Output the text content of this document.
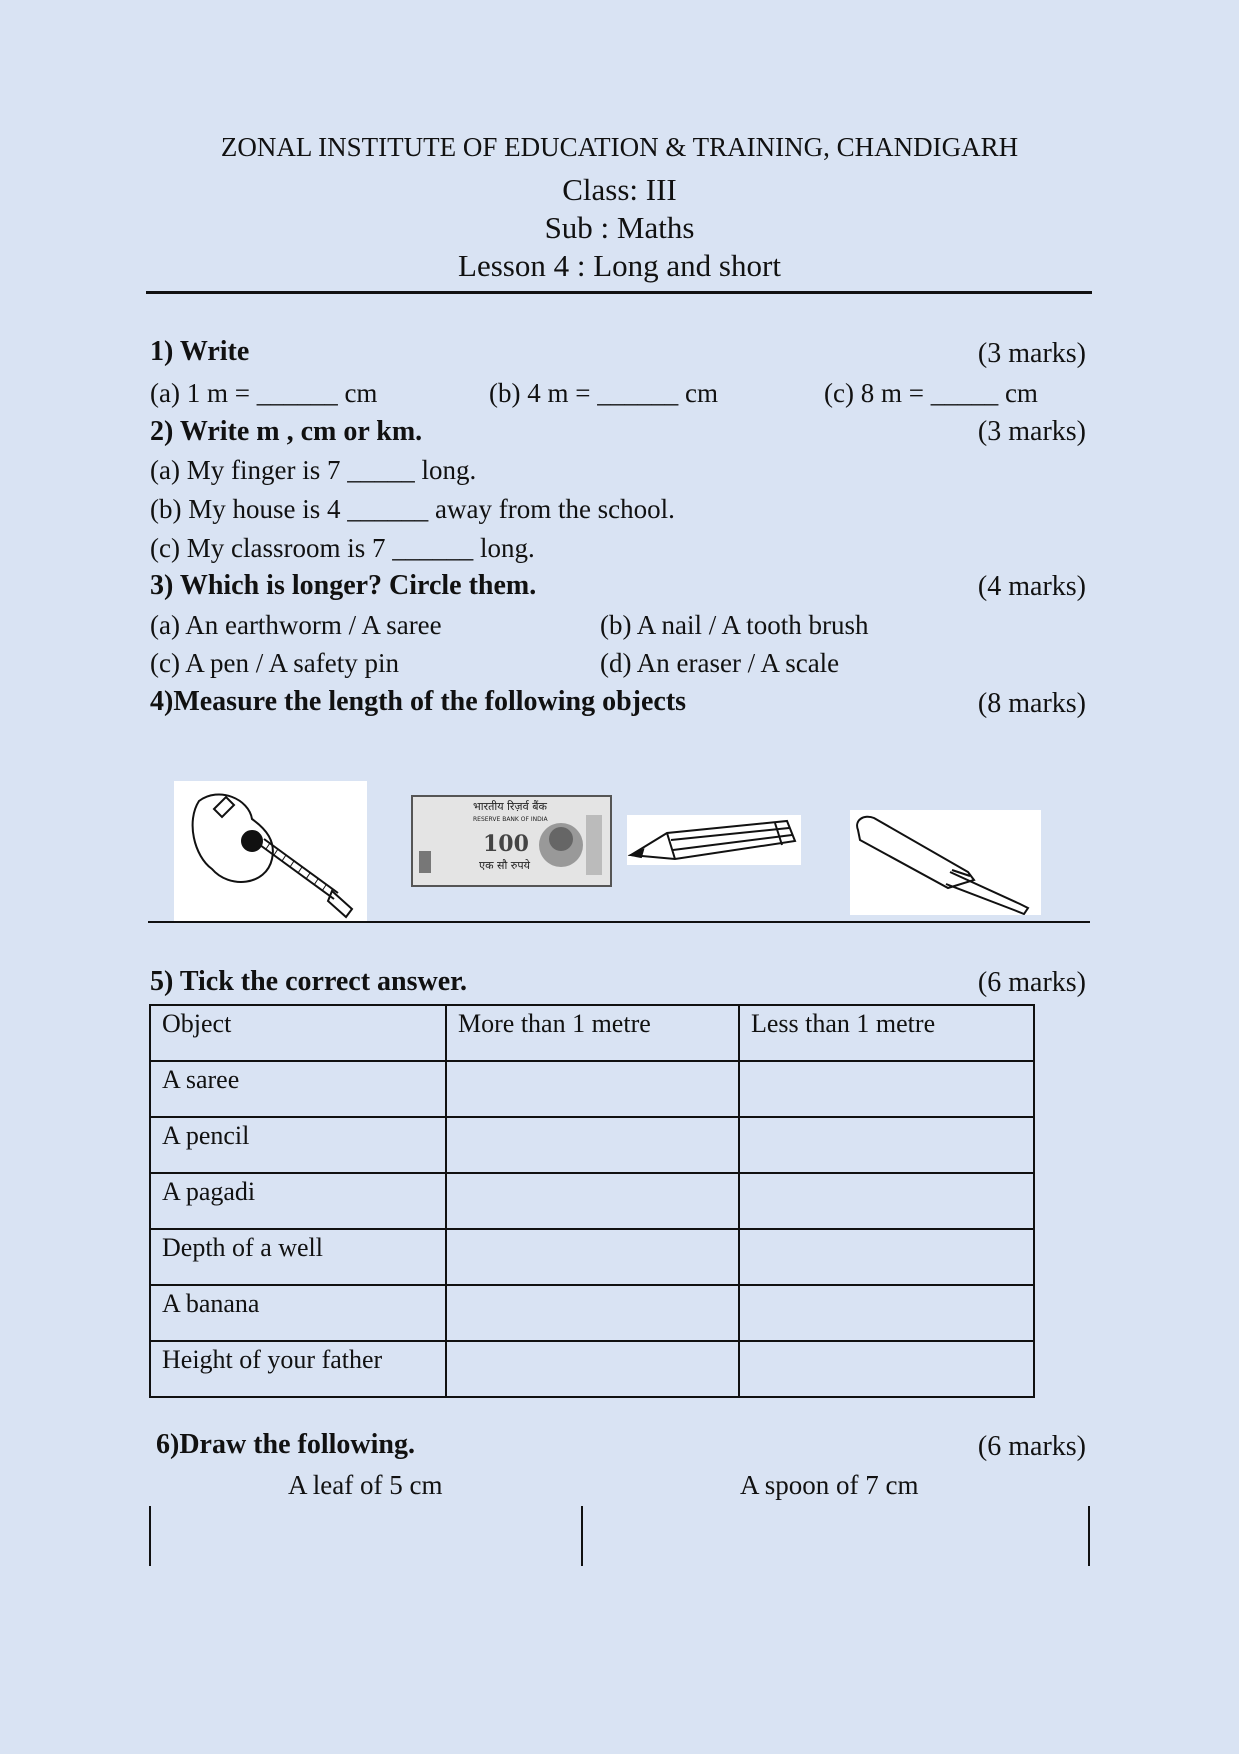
ZONAL INSTITUTE OF EDUCATION & TRAINING, CHANDIGARH
Class: III
Sub : Maths
Lesson 4 : Long and short
1) Write	(3 marks)
(a) 1 m = ______ cm	(b) 4 m = ______ cm	(c) 8 m = _____ cm
2) Write m , cm or km.	(3 marks)
(a) My finger is 7 _____ long.
(b) My house is 4 ______ away from the school.
(c) My classroom is 7 ______ long.
3) Which is longer? Circle them.	(4 marks)
(a) An earthworm / A saree	(b) A nail / A tooth brush
(c) A pen / A safety pin	(d) An eraser / A scale
4)Measure the length of the following objects	(8 marks)
भारतीय रिज़र्व बैंक
RESERVE BANK OF INDIA
100
एक सौ रुपये
5) Tick the correct answer.	(6 marks)
Object	More than 1 metre	Less than 1 metre
A saree		
A pencil		
A pagadi		
Depth of a well		
A banana		
Height of your father		
6)Draw the following.	(6 marks)
A leaf of 5 cm	A spoon of 7 cm
